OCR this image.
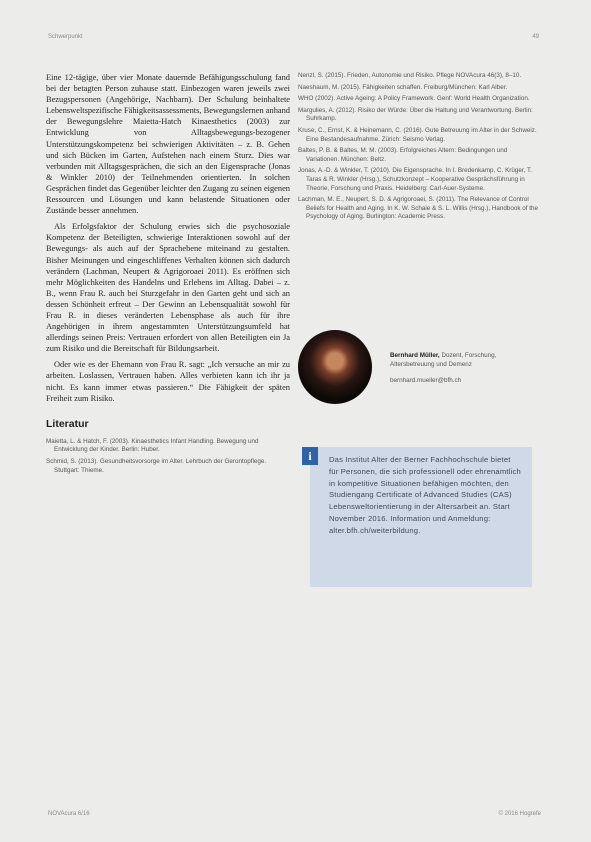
Schwerpunkt	49

Eine 12-tägige, über vier Monate dauernde Befähigungsschulung fand bei der betagten Person zuhause statt. Einbezogen waren jeweils zwei Bezugspersonen (Angehörige, Nachbarn). Der Schulung beinhaltete Lebensweltspezifische Fähigkeitsassessments, Bewegungslernen anhand der Bewegungslehre Maietta-Hatch Kinaesthetics (2003) zur Entwicklung von Alltagsbewegungs-bezogener Unterstützungskompetenz bei schwierigen Aktivitäten – z. B. Gehen und sich Bücken im Garten, Aufstehen nach einem Sturz. Dies war verbunden mit Alltagsgesprächen, die sich an den Eigensprache (Jonas & Winkler 2010) der Teilnehmenden orientierten. In solchen Gesprächen findet das Gegenüber leichter den Zugang zu seinen eigenen Ressourcen und Lösungen und kann belastende Situationen oder Zustände besser annehmen.

Als Erfolgsfaktor der Schulung erwies sich die psychosoziale Kompetenz der Beteiligten, schwierige Interaktionen sowohl auf der Bewegungs- als auch auf der Sprachebene miteinand zu gestalten. Bisher Meinungen und eingeschliffenes Verhalten können sich dadurch verändern (Lachman, Neupert & Agrigoroaei 2011). Es eröffnen sich mehr Möglichkeiten des Handelns und Erlebens im Alltag. Dabei – z. B., wenn Frau R. auch bei Sturzgefahr in den Garten geht und sich an dessen Schönheit erfreut – Der Gewinn an Lebensqualität sowohl für Frau R. in dieses veränderten Lebensphase als auch für ihre Angehörigen in ihrem angestammten Unterstützungsumfeld hat allerdings seinen Preis: Vertrauen erfordert von allen Beteiligten ein Ja zum Risiko und die Bereitschaft für Bildungsarbeit.

Oder wie es der Ehemann von Frau R. sagt: „Ich versuche an mir zu arbeiten. Loslassen, Vertrauen haben. Alles verbieten kann ich ihr ja nicht. Es kann immer etwas passieren.“ Die Fähigkeit der späten Freiheit zum Risiko.

Literatur
Maietta, L. & Hatch, F. (2003). Kinaesthetics Infant Handling. Bewegung und Entwicklung der Kinder. Berlin: Huber.
Schmid, S. (2013). Gesundheitsvorsorge im Alter. Lehrbuch der Gerontopflege. Stuttgart: Thieme.
Nenzl, S. (2015). Frieden, Autonomie und Risiko. Pflege NOVAcura 46(3), 8–10.
Naeshaum, M. (2015). Fähigkeiten schaffen. Freiburg/München: Karl Alber.
WHO (2002). Active Ageing: A Policy Framework. Genf: World Health Organization.
Margulies, A. (2012). Risiko der Würde: Über die Haltung und Verantwortung. Berlin: Suhrkamp.
Kruse, C., Ernst, K. & Heinemann, C. (2016). Gute Betreuung im Alter in der Schweiz. Eine Bestandesaufnahme. Zürich: Seismo Verlag.
Baltes, P. B. & Baltes, M. M. (2003). Erfolgreiches Altern: Bedingungen und Variationen. München: Beltz.
Jonas, A.-D. & Winkler, T. (2010). Die Eigensprache. In I. Bredenkamp, C. Krüger, T. Taras & R. Winkler (Hrsg.), Schutzkonzept – Kooperative Gesprächsführung in Theorie, Forschung und Praxis. Heidelberg: Carl-Auer-Systeme.
Lachman, M. E., Neupert, S. D. & Agrigoroaei, S. (2011). The Relevance of Control Beliefs for Health and Aging. In K. W. Schaie & S. L. Willis (Hrsg.), Handbook of the Psychology of Aging. Burlington: Academic Press.
Bernhard Müller, Dozent, Forschung, Altersbetreuung und Demenz
bernhard.mueller@bfh.ch
i	Das Institut Alter der Berner Fachhochschule bietet für Personen, die sich professionell oder ehrenamtlich in kompetitive Situationen befähigen möchten, den Studiengang Certificate of Advanced Studies (CAS) Lebensweltorientierung in der Altersarbeit an. Start November 2016. Information und Anmeldung: alter.bfh.ch/weiterbildung.

NOVAcura 6/16	© 2016 Hogrefe
